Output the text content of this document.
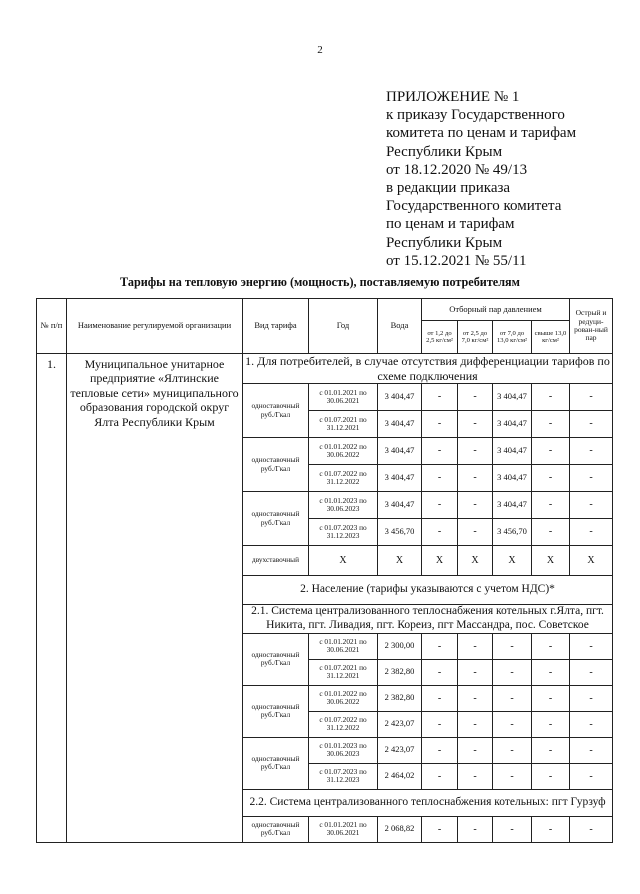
2
ПРИЛОЖЕНИЕ № 1
к приказу Государственного
комитета по ценам и тарифам
Республики Крым
от 18.12.2020 № 49/13
в редакции приказа
Государственного комитета
по ценам и тарифам
Республики Крым
от 15.12.2021 № 55/11
Тарифы на тепловую энергию (мощность), поставляемую потребителям
№ п/п	Наименование регулируемой организации	Вид тарифа	Год	Вода	Отборный пар давлением				Острый и редуци-рован-ный пар
					от 1,2 до 2,5 кг/см²	от 2,5 до 7,0 кг/см²	от 7,0 до 13,0 кг/см²	свыше 13,0 кг/см²	
1.	Муниципальное унитарное предприятие «Ялтинские тепловые сети» муниципального образования городской округ Ялта Республики Крым	1. Для потребителей, в случае отсутствия дифференциации тарифов по схеме подключения							
		одноставочный руб./Гкал	с 01.01.2021 по 30.06.2021	3 404,47	-	-	3 404,47	-	-
			с 01.07.2021 по 31.12.2021	3 404,47	-	-	3 404,47	-	-
		одноставочный руб./Гкал	с 01.01.2022 по 30.06.2022	3 404,47	-	-	3 404,47	-	-
			с 01.07.2022 по 31.12.2022	3 404,47	-	-	3 404,47	-	-
		одноставочный руб./Гкал	с 01.01.2023 по 30.06.2023	3 404,47	-	-	3 404,47	-	-
			с 01.07.2023 по 31.12.2023	3 456,70	-	-	3 456,70	-	-
		двухставочный	X	X	X	X	X	X	X
		2. Население (тарифы указываются с учетом НДС)*							
		2.1. Система централизованного теплоснабжения котельных г.Ялта, пгт. Никита, пгт. Ливадия, пгт. Кореиз, пгт Массандра, пос. Советское							
		одноставочный руб./Гкал	с 01.01.2021 по 30.06.2021	2 300,00	-	-	-	-	-
			с 01.07.2021 по 31.12.2021	2 382,80	-	-	-	-	-
		одноставочный руб./Гкал	с 01.01.2022 по 30.06.2022	2 382,80	-	-	-	-	-
			с 01.07.2022 по 31.12.2022	2 423,07	-	-	-	-	-
		одноставочный руб./Гкал	с 01.01.2023 по 30.06.2023	2 423,07	-	-	-	-	-
			с 01.07.2023 по 31.12.2023	2 464,02	-	-	-	-	-
		2.2. Система централизованного теплоснабжения котельных: пгт Гурзуф							
		одноставочный руб./Гкал	с 01.01.2021 по 30.06.2021	2 068,82	-	-	-	-	-
